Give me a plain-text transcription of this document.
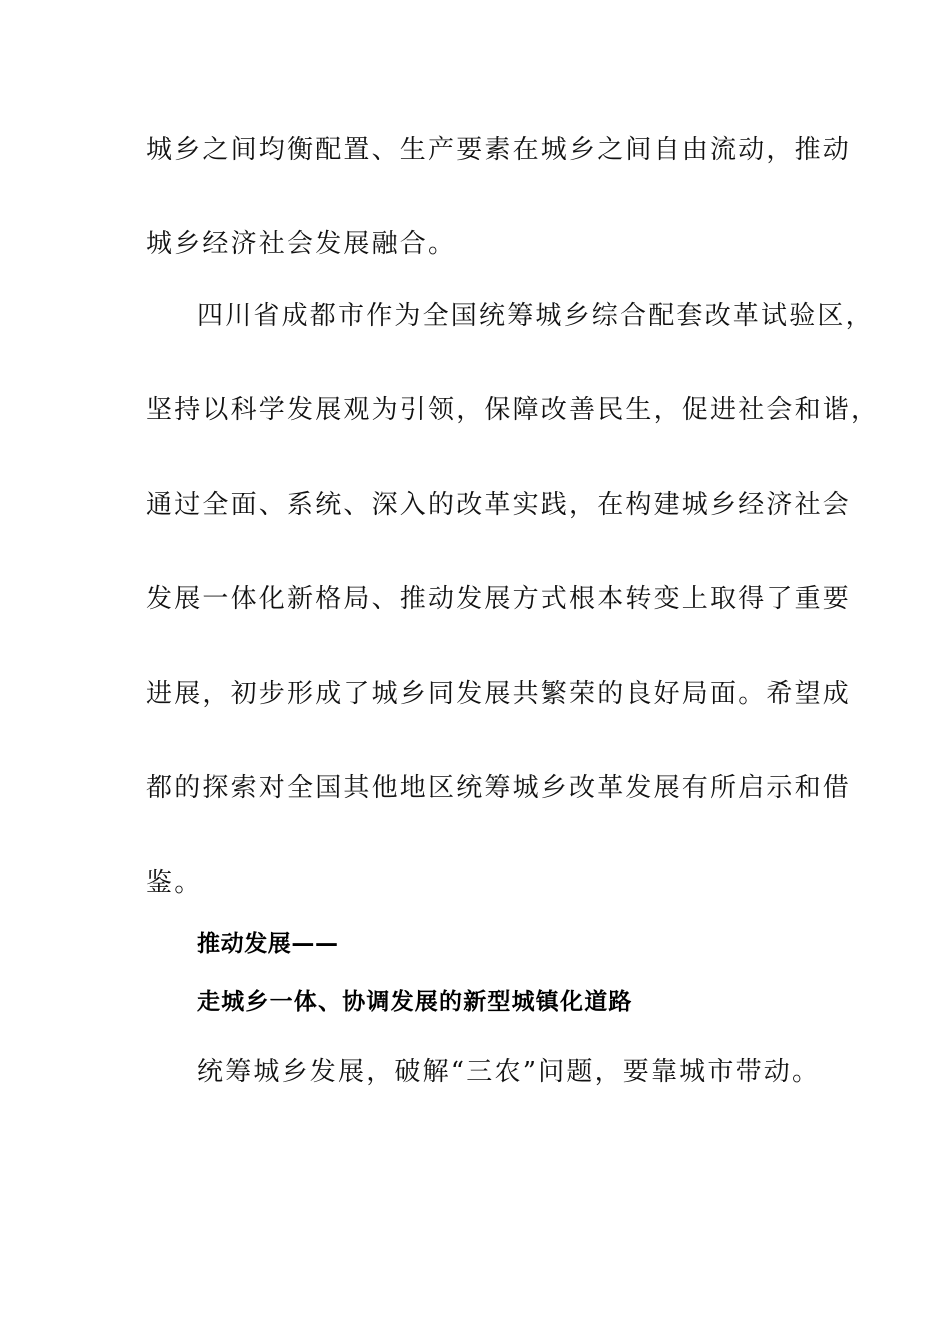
城乡之间均衡配置、生产要素在城乡之间自由流动，推动
城乡经济社会发展融合。
四川省成都市作为全国统筹城乡综合配套改革试验区，
坚持以科学发展观为引领，保障改善民生，促进社会和谐，
通过全面、系统、深入的改革实践，在构建城乡经济社会
发展一体化新格局、推动发展方式根本转变上取得了重要
进展，初步形成了城乡同发展共繁荣的良好局面。希望成
都的探索对全国其他地区统筹城乡改革发展有所启示和借
鉴。
推动发展——
走城乡一体、协调发展的新型城镇化道路
统筹城乡发展，破解“三农”问题，要靠城市带动。
